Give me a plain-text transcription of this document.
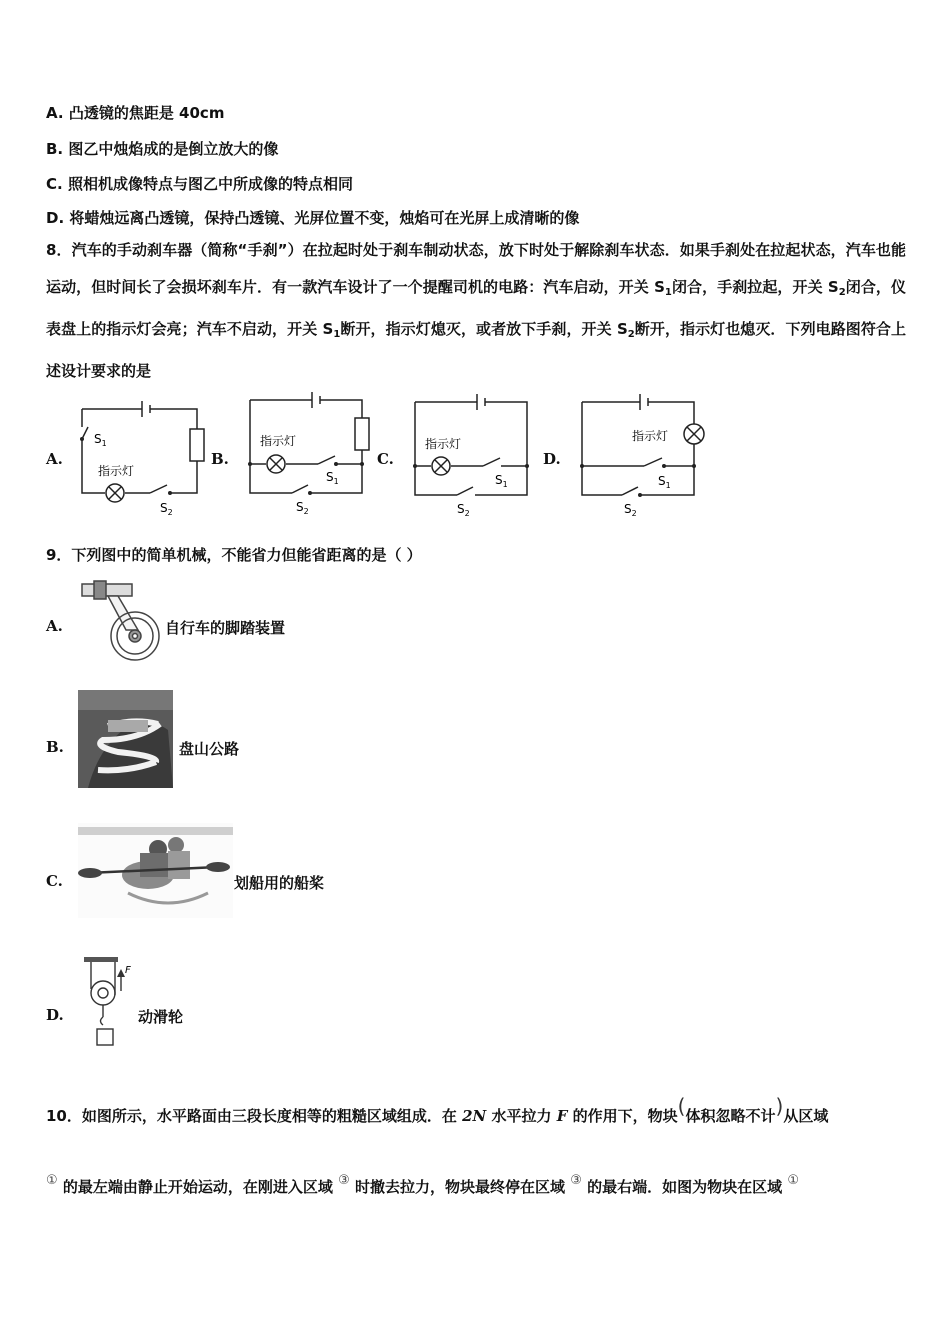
A. 凸透镜的焦距是 40cm
B. 图乙中烛焰成的是倒立放大的像
C. 照相机成像特点与图乙中所成像的特点相同
D. 将蜡烛远离凸透镜，保持凸透镜、光屏位置不变，烛焰可在光屏上成清晰的像
8．汽车的手动刹车器（简称“手刹”）在拉起时处于刹车制动状态，放下时处于解除刹车状态．如果手刹处在拉起状态，汽车也能运动，但时间长了会损坏刹车片．有一款汽车设计了一个提醒司机的电路：汽车启动，开关 $S_1$闭合，手刹拉起，开关 $S_2$闭合，仪表盘上的指示灯会亮；汽车不启动，开关 $S_1$断开，指示灯熄灭，或者放下手刹，开关 $S_2$断开，指示灯也熄灭．下列电路图符合上述设计要求的是
A.
$S_1$
指示灯
$S_2$
B.
指示灯
$S_1$
$S_2$
C.
指示灯
$S_1$
$S_2$
D.
指示灯
$S_1$
$S_2$
9．下列图中的简单机械，不能省力但能省距离的是（ ）
A.	自行车的脚踏装置
B.	盘山公路
C.	划船用的船桨
D.
F
动滑轮
10．如图所示，水平路面由三段长度相等的粗糙区域组成．在 2N 水平拉力 F 的作用下，物块(体积忽略不计)从区域
① 的最左端由静止开始运动，在刚进入区域 ③ 时撤去拉力，物块最终停在区域 ③ 的最右端．如图为物块在区域 ①
